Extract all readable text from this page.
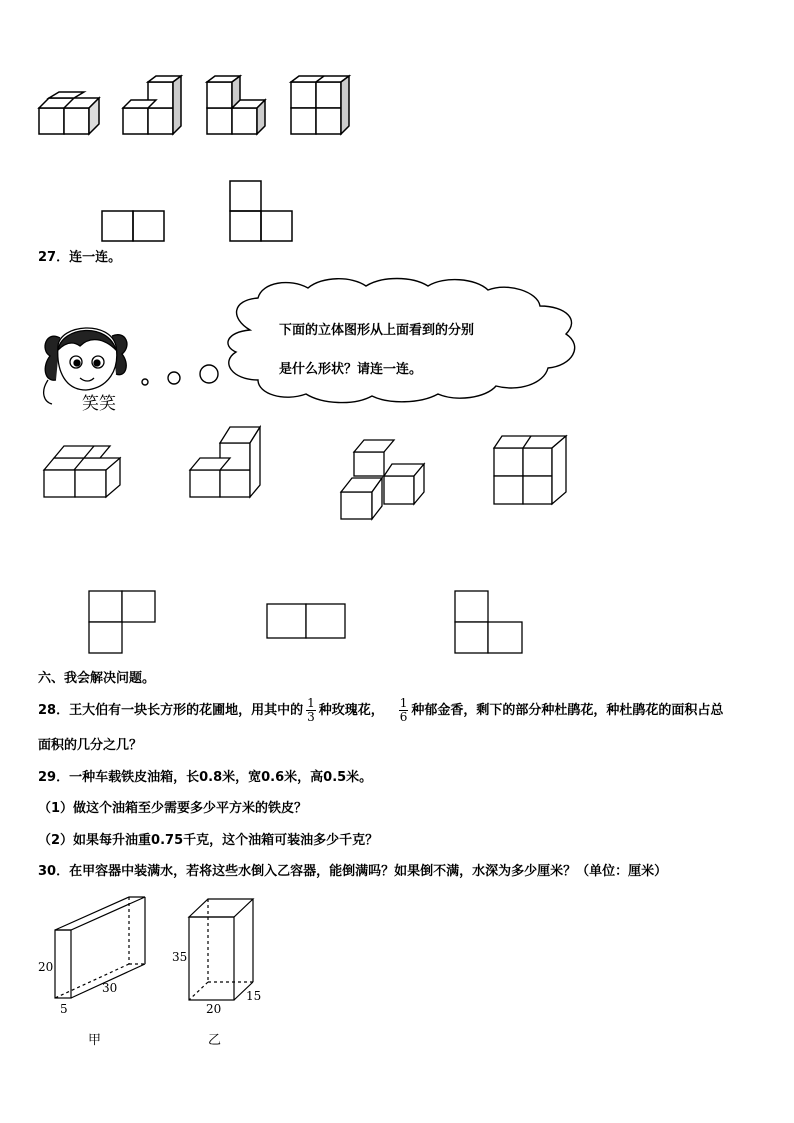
27．连一连。
下面的立体图形从上面看到的分别
是什么形状？请连一连。
笑笑
六、我会解决问题。
28．王大伯有一块长方形的花圃地，用其中的 $\frac{1}{3}$ 种玫瑰花， $\frac{1}{6}$ 种郁金香，剩下的部分种杜鹃花，种杜鹃花的面积占总
面积的几分之几？
29．一种车载铁皮油箱，长0.8米，宽0.6米，高0.5米。
（1）做这个油箱至少需要多少平方米的铁皮？
（2）如果每升油重0.75千克，这个油箱可装油多少千克？
30．在甲容器中装满水，若将这些水倒入乙容器，能倒满吗？如果倒不满，水深为多少厘米？（单位：厘米）
20
30
5
甲
35
20
15
乙
